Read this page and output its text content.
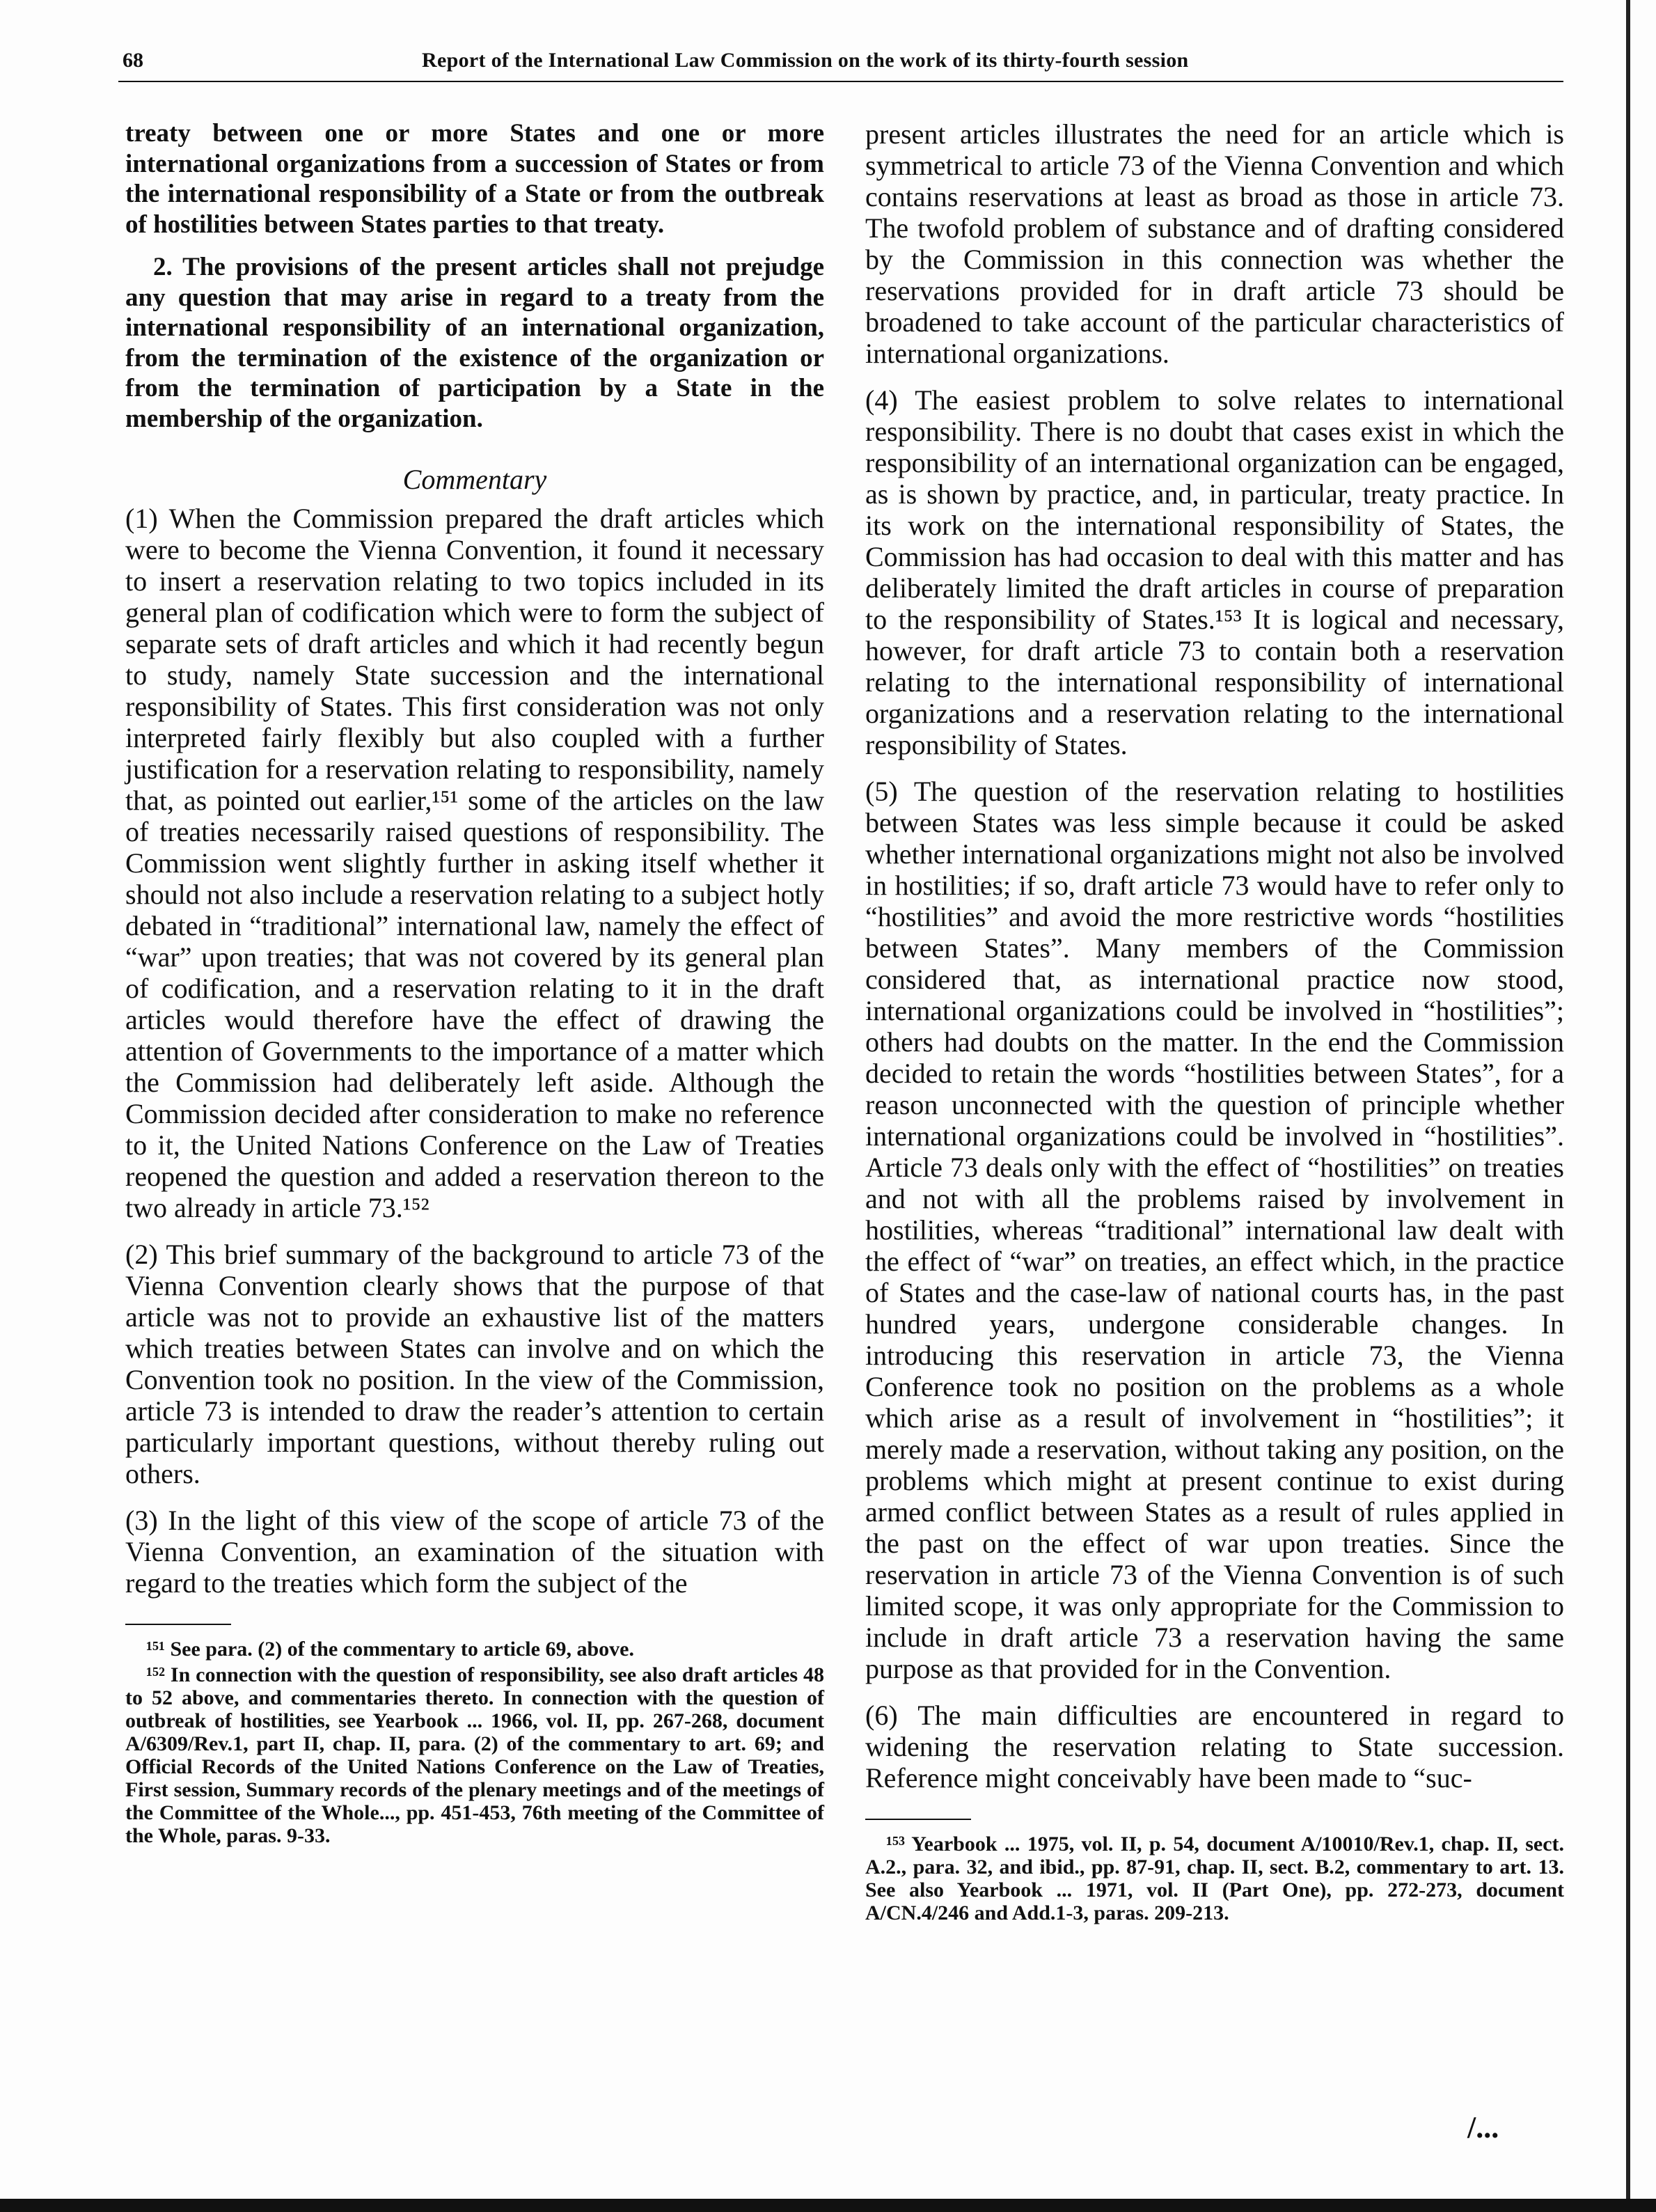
68	Report of the International Law Commission on the work of its thirty-fourth session

treaty between one or more States and one or more international organizations from a succession of States or from the international responsibility of a State or from the outbreak of hostilities between States parties to that treaty.

2. The provisions of the present articles shall not prejudge any question that may arise in regard to a treaty from the international responsibility of an international organization, from the termination of the existence of the organization or from the termination of participation by a State in the membership of the organization.

Commentary

(1) When the Commission prepared the draft articles which were to become the Vienna Convention, it found it necessary to insert a reservation relating to two topics included in its general plan of codification which were to form the subject of separate sets of draft articles and which it had recently begun to study, namely State succession and the international responsibility of States. This first consideration was not only interpreted fairly flexibly but also coupled with a further justification for a reservation relating to responsibility, namely that, as pointed out earlier,¹⁵¹ some of the articles on the law of treaties necessarily raised questions of responsibility. The Commission went slightly further in asking itself whether it should not also include a reservation relating to a subject hotly debated in “traditional” international law, namely the effect of “war” upon treaties; that was not covered by its general plan of codification, and a reservation relating to it in the draft articles would therefore have the effect of drawing the attention of Governments to the importance of a matter which the Commission had deliberately left aside. Although the Commission decided after consideration to make no reference to it, the United Nations Conference on the Law of Treaties reopened the question and added a reservation thereon to the two already in article 73.¹⁵²

(2) This brief summary of the background to article 73 of the Vienna Convention clearly shows that the purpose of that article was not to provide an exhaustive list of the matters which treaties between States can involve and on which the Convention took no position. In the view of the Commission, article 73 is intended to draw the reader’s attention to certain particularly important questions, without thereby ruling out others.

(3) In the light of this view of the scope of article 73 of the Vienna Convention, an examination of the situation with regard to the treaties which form the subject of the

¹⁵¹ See para. (2) of the commentary to article 69, above.

¹⁵² In connection with the question of responsibility, see also draft articles 48 to 52 above, and commentaries thereto. In connection with the question of outbreak of hostilities, see Yearbook ... 1966, vol. II, pp. 267-268, document A/6309/Rev.1, part II, chap. II, para. (2) of the commentary to art. 69; and Official Records of the United Nations Conference on the Law of Treaties, First session, Summary records of the plenary meetings and of the meetings of the Committee of the Whole..., pp. 451-453, 76th meeting of the Committee of the Whole, paras. 9-33.

present articles illustrates the need for an article which is symmetrical to article 73 of the Vienna Convention and which contains reservations at least as broad as those in article 73. The twofold problem of substance and of drafting considered by the Commission in this connection was whether the reservations provided for in draft article 73 should be broadened to take account of the particular characteristics of international organizations.

(4) The easiest problem to solve relates to international responsibility. There is no doubt that cases exist in which the responsibility of an international organization can be engaged, as is shown by practice, and, in particular, treaty practice. In its work on the international responsibility of States, the Commission has had occasion to deal with this matter and has deliberately limited the draft articles in course of preparation to the responsibility of States.¹⁵³ It is logical and necessary, however, for draft article 73 to contain both a reservation relating to the international responsibility of international organizations and a reservation relating to the international responsibility of States.

(5) The question of the reservation relating to hostilities between States was less simple because it could be asked whether international organizations might not also be involved in hostilities; if so, draft article 73 would have to refer only to “hostilities” and avoid the more restrictive words “hostilities between States”. Many members of the Commission considered that, as international practice now stood, international organizations could be involved in “hostilities”; others had doubts on the matter. In the end the Commission decided to retain the words “hostilities between States”, for a reason unconnected with the question of principle whether international organizations could be involved in “hostilities”. Article 73 deals only with the effect of “hostilities” on treaties and not with all the problems raised by involvement in hostilities, whereas “traditional” international law dealt with the effect of “war” on treaties, an effect which, in the practice of States and the case-law of national courts has, in the past hundred years, undergone considerable changes. In introducing this reservation in article 73, the Vienna Conference took no position on the problems as a whole which arise as a result of involvement in “hostilities”; it merely made a reservation, without taking any position, on the problems which might at present continue to exist during armed conflict between States as a result of rules applied in the past on the effect of war upon treaties. Since the reservation in article 73 of the Vienna Convention is of such limited scope, it was only appropriate for the Commission to include in draft article 73 a reservation having the same purpose as that provided for in the Convention.

(6) The main difficulties are encountered in regard to widening the reservation relating to State succession. Reference might conceivably have been made to “suc-

¹⁵³ Yearbook ... 1975, vol. II, p. 54, document A/10010/Rev.1, chap. II, sect. A.2., para. 32, and ibid., pp. 87-91, chap. II, sect. B.2, commentary to art. 13. See also Yearbook ... 1971, vol. II (Part One), pp. 272-273, document A/CN.4/246 and Add.1-3, paras. 209-213.

/...
